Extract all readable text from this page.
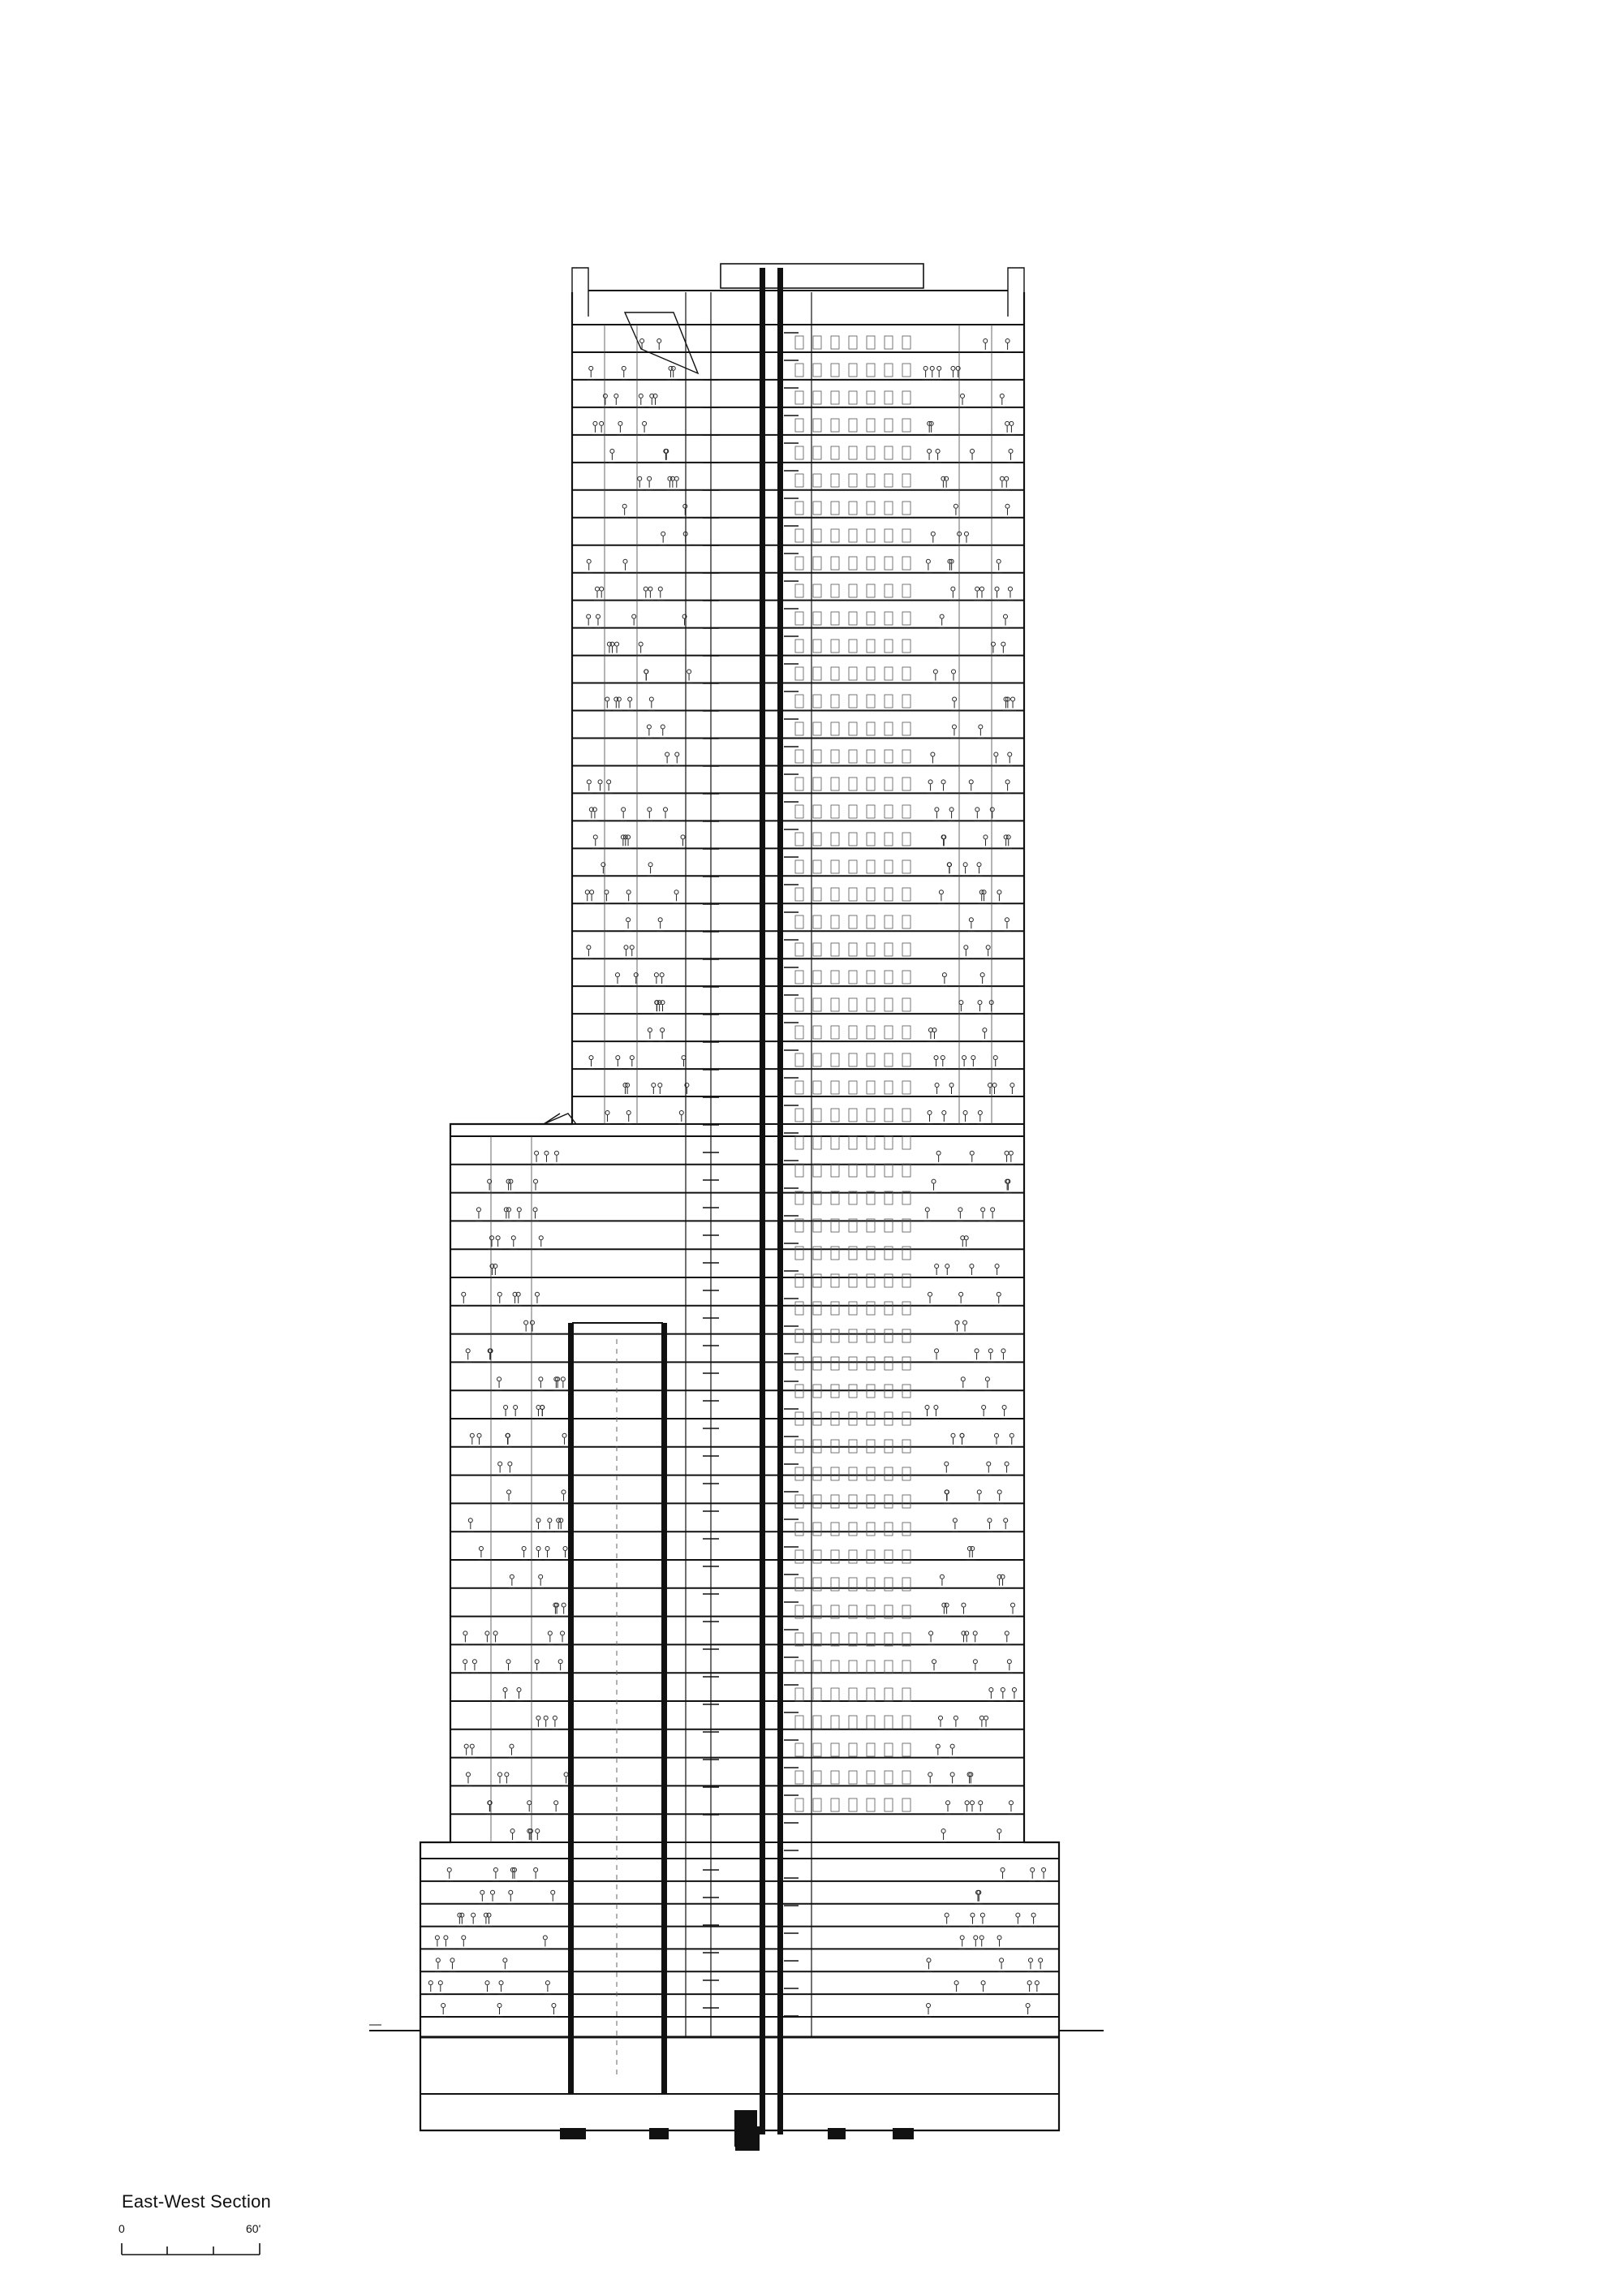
East-West Section
0	60'
